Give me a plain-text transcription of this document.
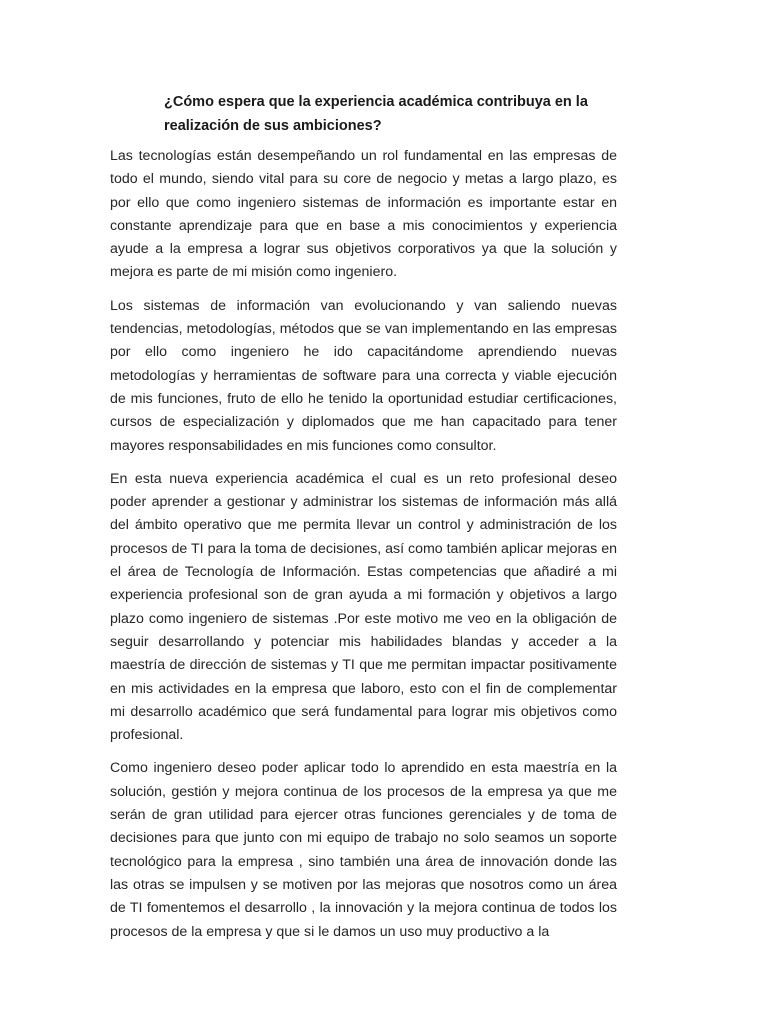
¿Cómo espera que la experiencia académica contribuya en la realización de sus ambiciones?

Las tecnologías están desempeñando un rol fundamental en las empresas de todo el mundo, siendo vital para su core de negocio y metas a largo plazo, es por ello que como ingeniero sistemas de información es importante estar en constante aprendizaje para que en base a mis conocimientos y experiencia ayude a la empresa a lograr sus objetivos corporativos ya que la solución y mejora es parte de mi misión como ingeniero.

Los sistemas de información van evolucionando y van saliendo nuevas tendencias, metodologías, métodos que se van implementando en las empresas por ello como ingeniero he ido capacitándome aprendiendo nuevas metodologías y herramientas de software para una correcta y viable ejecución de mis funciones, fruto de ello he tenido la oportunidad estudiar certificaciones, cursos de especialización y diplomados que me han capacitado para tener mayores responsabilidades en mis funciones como consultor.

En esta nueva experiencia académica el cual es un reto profesional deseo poder aprender a gestionar y administrar los sistemas de información más allá del ámbito operativo que me permita llevar un control y administración de los procesos de TI para la toma de decisiones, así como también aplicar mejoras en el área de Tecnología de Información. Estas competencias que añadiré a mi experiencia profesional son de gran ayuda a mi formación y objetivos a largo plazo como ingeniero de sistemas .Por este motivo me veo en la obligación de seguir desarrollando y potenciar mis habilidades blandas y acceder a la maestría de dirección de sistemas y TI que me permitan impactar positivamente en mis actividades en la empresa que laboro, esto con el fin de complementar mi desarrollo académico que será fundamental para lograr mis objetivos como profesional.

Como ingeniero deseo poder aplicar todo lo aprendido en esta maestría en la solución, gestión y mejora continua de los procesos de la empresa ya que me serán de gran utilidad para ejercer otras funciones gerenciales y de toma de decisiones para que junto con mi equipo de trabajo no solo seamos un soporte tecnológico para la empresa , sino también una área de innovación donde las las otras se impulsen y se motiven por las mejoras que nosotros como un área de TI fomentemos el desarrollo , la innovación y la mejora continua de todos los procesos de la empresa y que si le damos un uso muy productivo a la
